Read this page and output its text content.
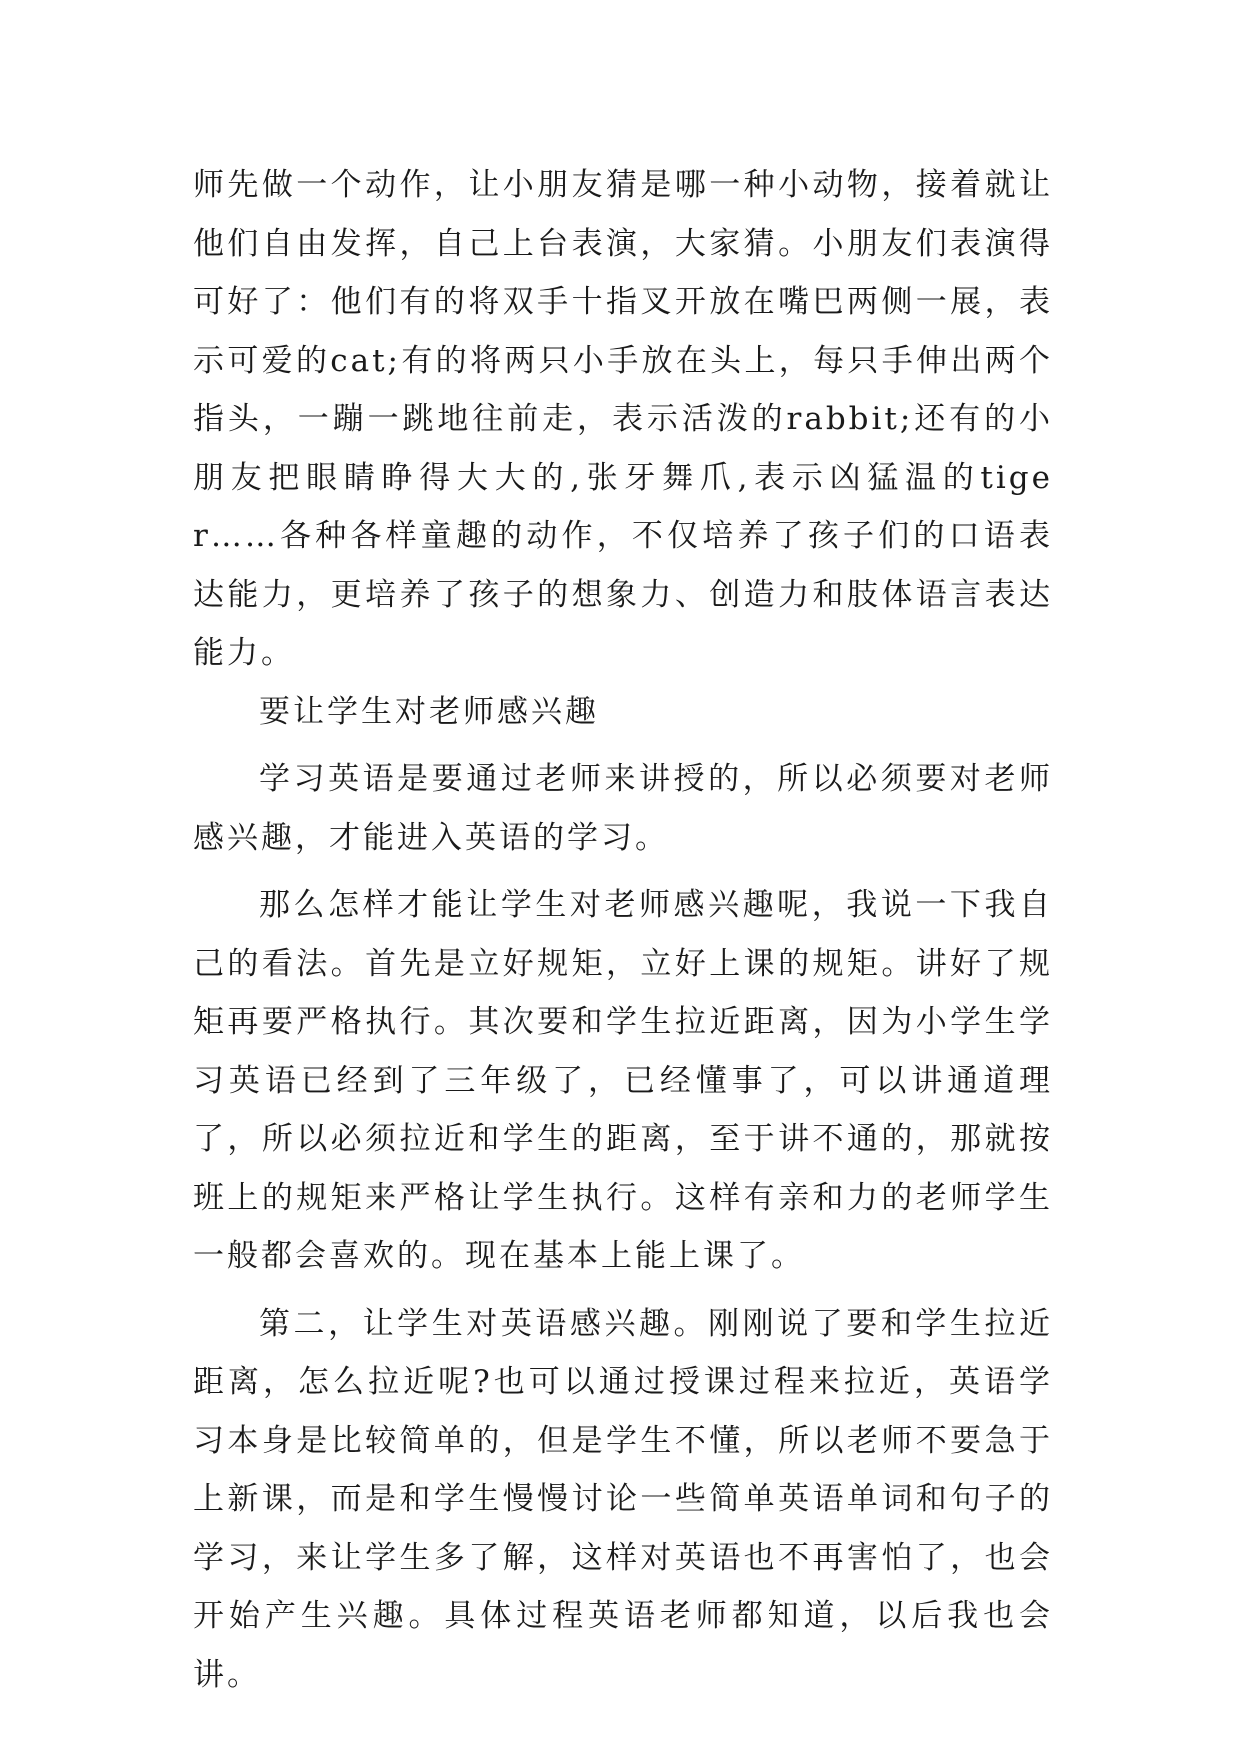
师先做一个动作，让小朋友猜是哪一种小动物，接着就让他们自由发挥，自己上台表演，大家猜。小朋友们表演得可好了：他们有的将双手十指叉开放在嘴巴两侧一展，表示可爱的cat;有的将两只小手放在头上，每只手伸出两个指头，一蹦一跳地往前走，表示活泼的rabbit;还有的小朋友把眼睛睁得大大的,张牙舞爪,表示凶猛温的tiger……各种各样童趣的动作，不仅培养了孩子们的口语表达能力，更培养了孩子的想象力、创造力和肢体语言表达能力。

要让学生对老师感兴趣

学习英语是要通过老师来讲授的，所以必须要对老师感兴趣，才能进入英语的学习。

那么怎样才能让学生对老师感兴趣呢，我说一下我自己的看法。首先是立好规矩，立好上课的规矩。讲好了规矩再要严格执行。其次要和学生拉近距离，因为小学生学习英语已经到了三年级了，已经懂事了，可以讲通道理了，所以必须拉近和学生的距离，至于讲不通的，那就按班上的规矩来严格让学生执行。这样有亲和力的老师学生一般都会喜欢的。现在基本上能上课了。

第二，让学生对英语感兴趣。刚刚说了要和学生拉近距离，怎么拉近呢?也可以通过授课过程来拉近，英语学习本身是比较简单的，但是学生不懂，所以老师不要急于上新课，而是和学生慢慢讨论一些简单英语单词和句子的学习，来让学生多了解，这样对英语也不再害怕了，也会开始产生兴趣。具体过程英语老师都知道，以后我也会讲。
